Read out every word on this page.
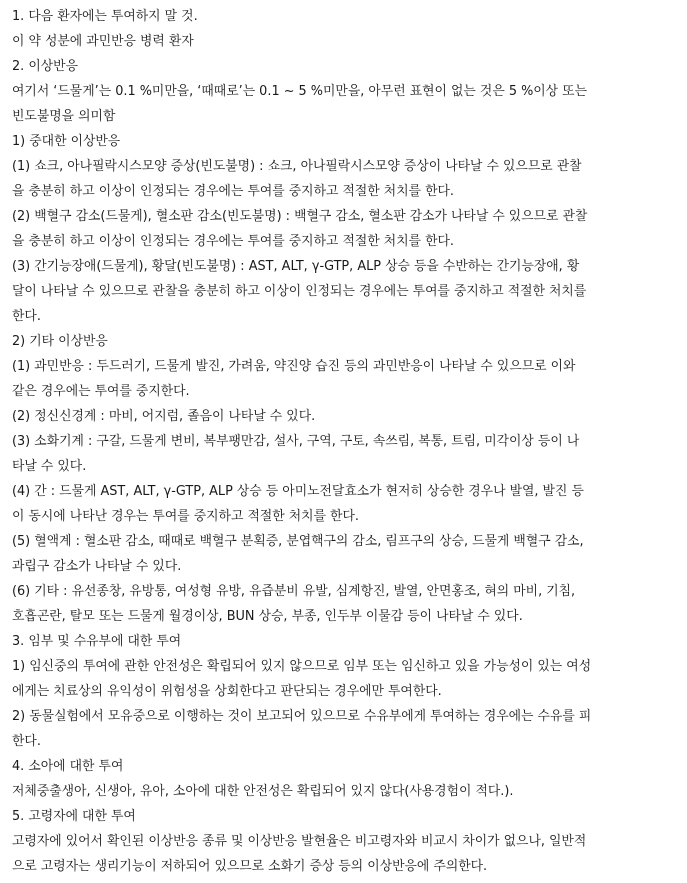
1. 다음 환자에는 투여하지 말 것.
이 약 성분에 과민반응 병력 환자
2. 이상반응
여기서 ‘드물게’는 0.1 %미만을, ‘때때로’는 0.1 ~ 5 %미만을, 아무런 표현이 없는 것은 5 %이상 또는
빈도불명을 의미함
1) 중대한 이상반응
(1) 쇼크, 아나필락시스모양 증상(빈도불명) : 쇼크, 아나필락시스모양 증상이 나타날 수 있으므로 관찰
을 충분히 하고 이상이 인정되는 경우에는 투여를 중지하고 적절한 처치를 한다.
(2) 백혈구 감소(드물게), 혈소판 감소(빈도불명) : 백혈구 감소, 혈소판 감소가 나타날 수 있으므로 관찰
을 충분히 하고 이상이 인정되는 경우에는 투여를 중지하고 적절한 처치를 한다.
(3) 간기능장애(드물게), 황달(빈도불명) : AST, ALT, γ-GTP, ALP 상승 등을 수반하는 간기능장애, 황
달이 나타날 수 있으므로 관찰을 충분히 하고 이상이 인정되는 경우에는 투여를 중지하고 적절한 처치를
한다.
2) 기타 이상반응
(1) 과민반응 : 두드러기, 드물게 발진, 가려움, 약진양 습진 등의 과민반응이 나타날 수 있으므로 이와
같은 경우에는 투여를 중지한다.
(2) 정신신경계 : 마비, 어지럼, 졸음이 나타날 수 있다.
(3) 소화기계 : 구갈, 드물게 변비, 복부팽만감, 설사, 구역, 구토, 속쓰림, 복통, 트림, 미각이상 등이 나
타날 수 있다.
(4) 간 : 드물게 AST, ALT, γ-GTP, ALP 상승 등 아미노전달효소가 현저히 상승한 경우나 발열, 발진 등
이 동시에 나타난 경우는 투여를 중지하고 적절한 처치를 한다.
(5) 혈액계 : 혈소판 감소, 때때로 백혈구 분획증, 분엽핵구의 감소, 림프구의 상승, 드물게 백혈구 감소,
과립구 감소가 나타날 수 있다.
(6) 기타 : 유선종창, 유방통, 여성형 유방, 유즙분비 유발, 심계항진, 발열, 안면홍조, 혀의 마비, 기침,
호흡곤란, 탈모 또는 드물게 월경이상, BUN 상승, 부종, 인두부 이물감 등이 나타날 수 있다.
3. 임부 및 수유부에 대한 투여
1) 임신중의 투여에 관한 안전성은 확립되어 있지 않으므로 임부 또는 임신하고 있을 가능성이 있는 여성
에게는 치료상의 유익성이 위험성을 상회한다고 판단되는 경우에만 투여한다.
2) 동물실험에서 모유중으로 이행하는 것이 보고되어 있으므로 수유부에게 투여하는 경우에는 수유를 피
한다.
4. 소아에 대한 투여
저체중출생아, 신생아, 유아, 소아에 대한 안전성은 확립되어 있지 않다(사용경험이 적다.).
5. 고령자에 대한 투여
고령자에 있어서 확인된 이상반응 종류 및 이상반응 발현율은 비고령자와 비교시 차이가 없으나, 일반적
으로 고령자는 생리기능이 저하되어 있으므로 소화기 증상 등의 이상반응에 주의한다.
